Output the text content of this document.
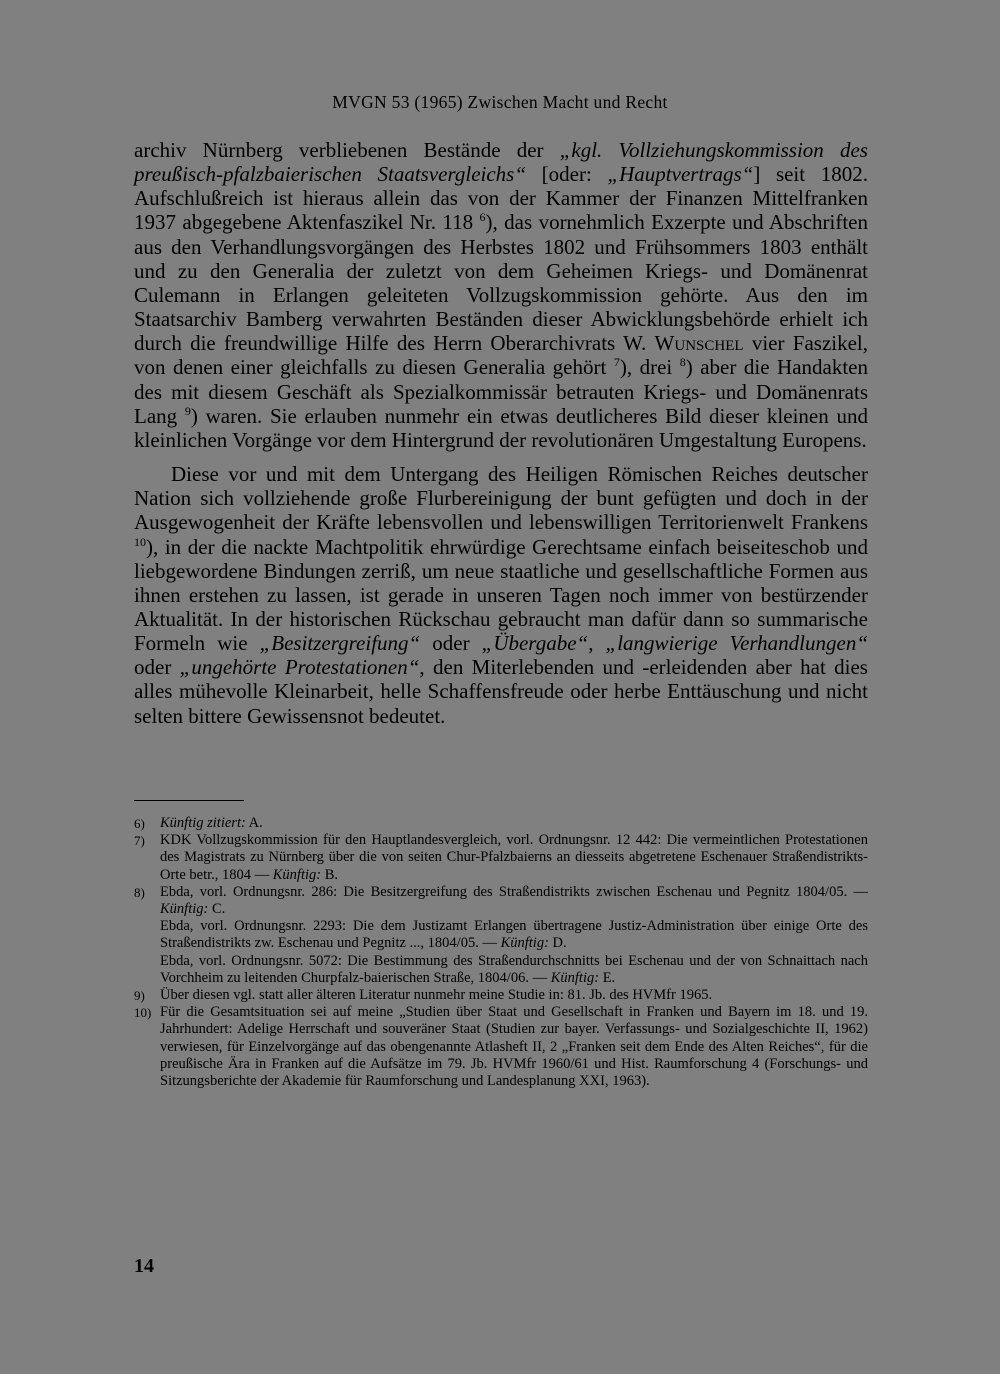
MVGN 53 (1965) Zwischen Macht und Recht

archiv Nürnberg verbliebenen Bestände der „kgl. Vollziehungskommission des preußisch-pfalzbaierischen Staatsvergleichs“ [oder: „Hauptvertrags“] seit 1802. Aufschlußreich ist hieraus allein das von der Kammer der Finanzen Mittelfranken 1937 abgegebene Aktenfaszikel Nr. 118 $^6$), das vornehmlich Exzerpte und Abschriften aus den Verhandlungsvorgängen des Herbstes 1802 und Frühsommers 1803 enthält und zu den Generalia der zuletzt von dem Geheimen Kriegs- und Domänenrat Culemann in Erlangen geleiteten Vollzugskommission gehörte. Aus den im Staatsarchiv Bamberg verwahrten Beständen dieser Abwicklungsbehörde erhielt ich durch die freundwillige Hilfe des Herrn Oberarchivrats W. Wunschel vier Faszikel, von denen einer gleichfalls zu diesen Generalia gehört $^7$), drei $^8$) aber die Handakten des mit diesem Geschäft als Spezialkommissär betrauten Kriegs- und Domänenrats Lang $^9$) waren. Sie erlauben nunmehr ein etwas deutlicheres Bild dieser kleinen und kleinlichen Vorgänge vor dem Hintergrund der revolutionären Umgestaltung Europens.

Diese vor und mit dem Untergang des Heiligen Römischen Reiches deutscher Nation sich vollziehende große Flurbereinigung der bunt gefügten und doch in der Ausgewogenheit der Kräfte lebensvollen und lebenswilligen Territorienwelt Frankens $^{10}$), in der die nackte Machtpolitik ehrwürdige Gerechtsame einfach beiseiteschob und liebgewordene Bindungen zerriß, um neue staatliche und gesellschaftliche Formen aus ihnen erstehen zu lassen, ist gerade in unseren Tagen noch immer von bestürzender Aktualität. In der historischen Rückschau gebraucht man dafür dann so summarische Formeln wie „Besitzergreifung“ oder „Übergabe“, „langwierige Verhandlungen“ oder „ungehörte Protestationen“, den Miterlebenden und -erleidenden aber hat dies alles mühevolle Kleinarbeit, helle Schaffensfreude oder herbe Enttäuschung und nicht selten bittere Gewissensnot bedeutet.

6) Künftig zitiert: A.

7) KDK Vollzugskommission für den Hauptlandesvergleich, vorl. Ordnungsnr. 12 442: Die vermeintlichen Protestationen des Magistrats zu Nürnberg über die von seiten Chur-Pfalzbaierns an diesseits abgetretene Eschenauer Straßendistrikts-Orte betr., 1804 — Künftig: B.

8) Ebda, vorl. Ordnungsnr. 286: Die Besitzergreifung des Straßendistrikts zwischen Eschenau und Pegnitz 1804/05. — Künftig: C.

Ebda, vorl. Ordnungsnr. 2293: Die dem Justizamt Erlangen übertragene Justiz-Administration über einige Orte des Straßendistrikts zw. Eschenau und Pegnitz ..., 1804/05. — Künftig: D.

Ebda, vorl. Ordnungsnr. 5072: Die Bestimmung des Straßendurchschnitts bei Eschenau und der von Schnaittach nach Vorchheim zu leitenden Churpfalz-baierischen Straße, 1804/06. — Künftig: E.

9) Über diesen vgl. statt aller älteren Literatur nunmehr meine Studie in: 81. Jb. des HVMfr 1965.

10) Für die Gesamtsituation sei auf meine „Studien über Staat und Gesellschaft in Franken und Bayern im 18. und 19. Jahrhundert: Adelige Herrschaft und souveräner Staat (Studien zur bayer. Verfassungs- und Sozialgeschichte II, 1962) verwiesen, für Einzelvorgänge auf das obengenannte Atlasheft II, 2 „Franken seit dem Ende des Alten Reiches“, für die preußische Ära in Franken auf die Aufsätze im 79. Jb. HVMfr 1960/61 und Hist. Raumforschung 4 (Forschungs- und Sitzungsberichte der Akademie für Raumforschung und Landesplanung XXI, 1963).

14
